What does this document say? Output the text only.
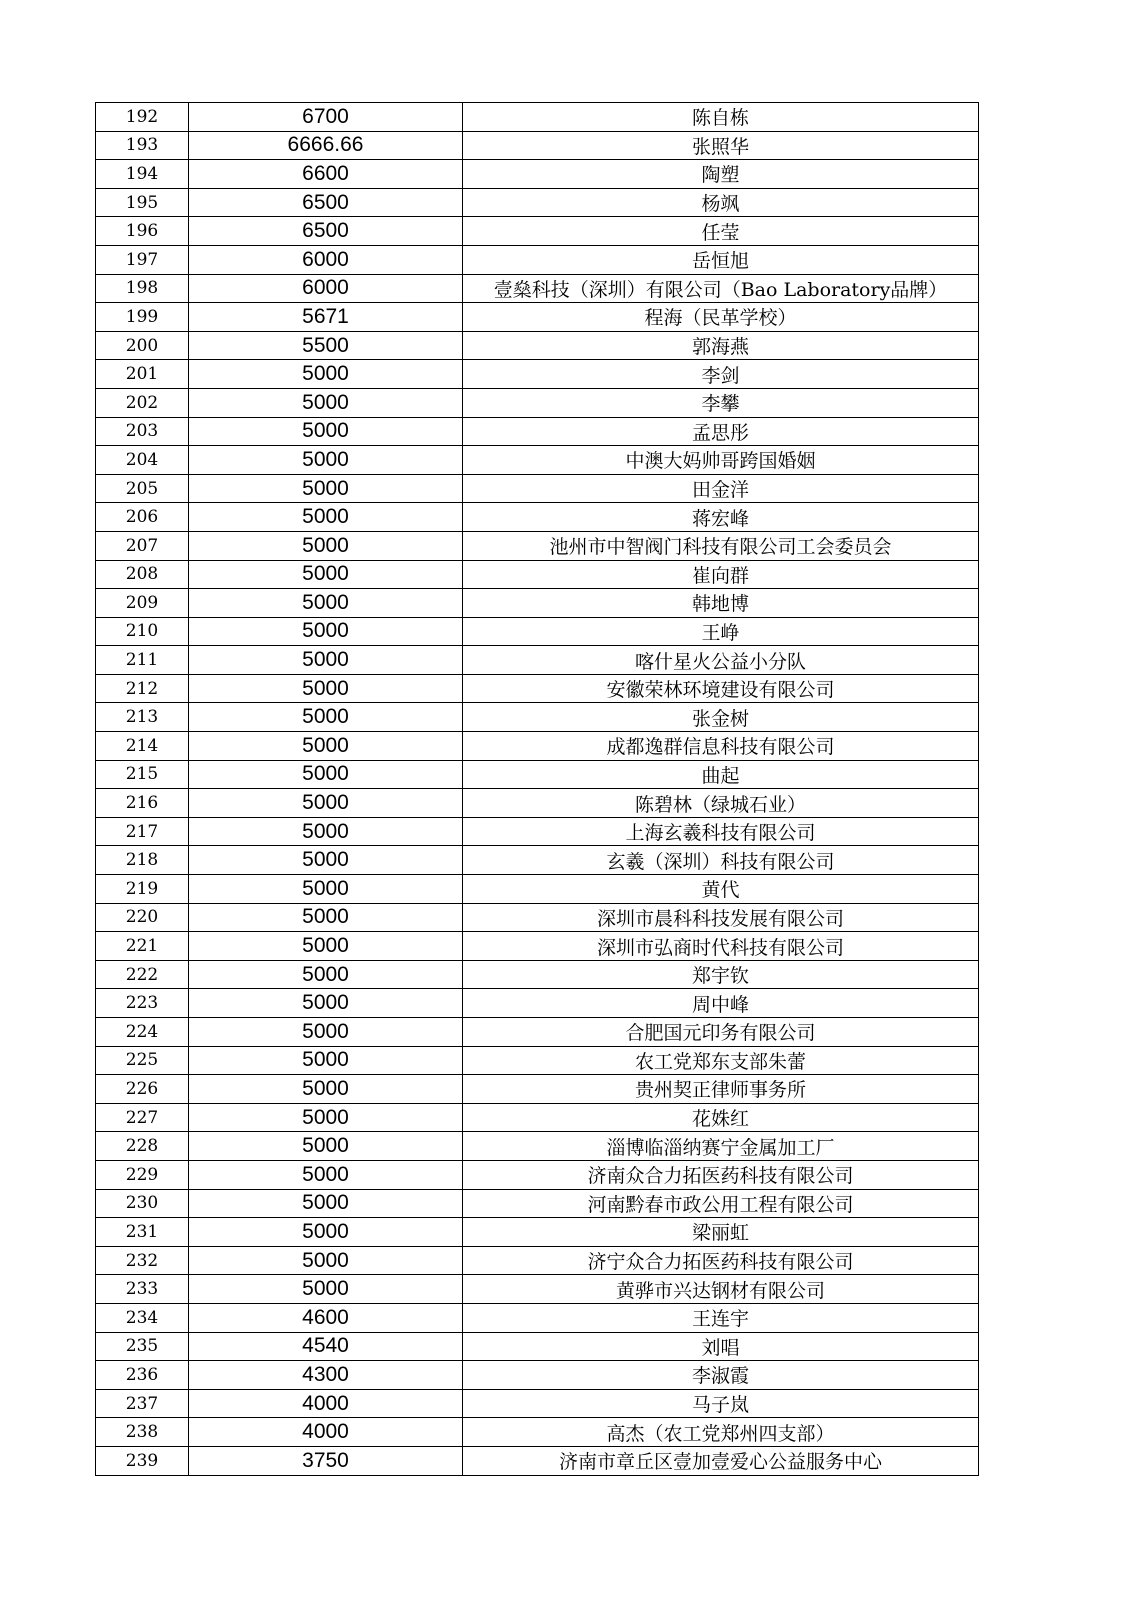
192	6700	陈自栋
193	6666.66	张照华
194	6600	陶塑
195	6500	杨飒
196	6500	任莹
197	6000	岳恒旭
198	6000	壹燊科技（深圳）有限公司（Bao Laboratory品牌）
199	5671	程海（民革学校）
200	5500	郭海燕
201	5000	李剑
202	5000	李攀
203	5000	孟思彤
204	5000	中澳大妈帅哥跨国婚姻
205	5000	田金洋
206	5000	蒋宏峰
207	5000	池州市中智阀门科技有限公司工会委员会
208	5000	崔向群
209	5000	韩地博
210	5000	王峥
211	5000	喀什星火公益小分队
212	5000	安徽荣林环境建设有限公司
213	5000	张金树
214	5000	成都逸群信息科技有限公司
215	5000	曲起
216	5000	陈碧林（绿城石业）
217	5000	上海玄羲科技有限公司
218	5000	玄羲（深圳）科技有限公司
219	5000	黄代
220	5000	深圳市晨科科技发展有限公司
221	5000	深圳市弘商时代科技有限公司
222	5000	郑宇钦
223	5000	周中峰
224	5000	合肥国元印务有限公司
225	5000	农工党郑东支部朱蕾
226	5000	贵州契正律师事务所
227	5000	花姝红
228	5000	淄博临淄纳赛宁金属加工厂
229	5000	济南众合力拓医药科技有限公司
230	5000	河南黔春市政公用工程有限公司
231	5000	梁丽虹
232	5000	济宁众合力拓医药科技有限公司
233	5000	黄骅市兴达钢材有限公司
234	4600	王连宇
235	4540	刘唱
236	4300	李淑霞
237	4000	马子岚
238	4000	高杰（农工党郑州四支部）
239	3750	济南市章丘区壹加壹爱心公益服务中心
